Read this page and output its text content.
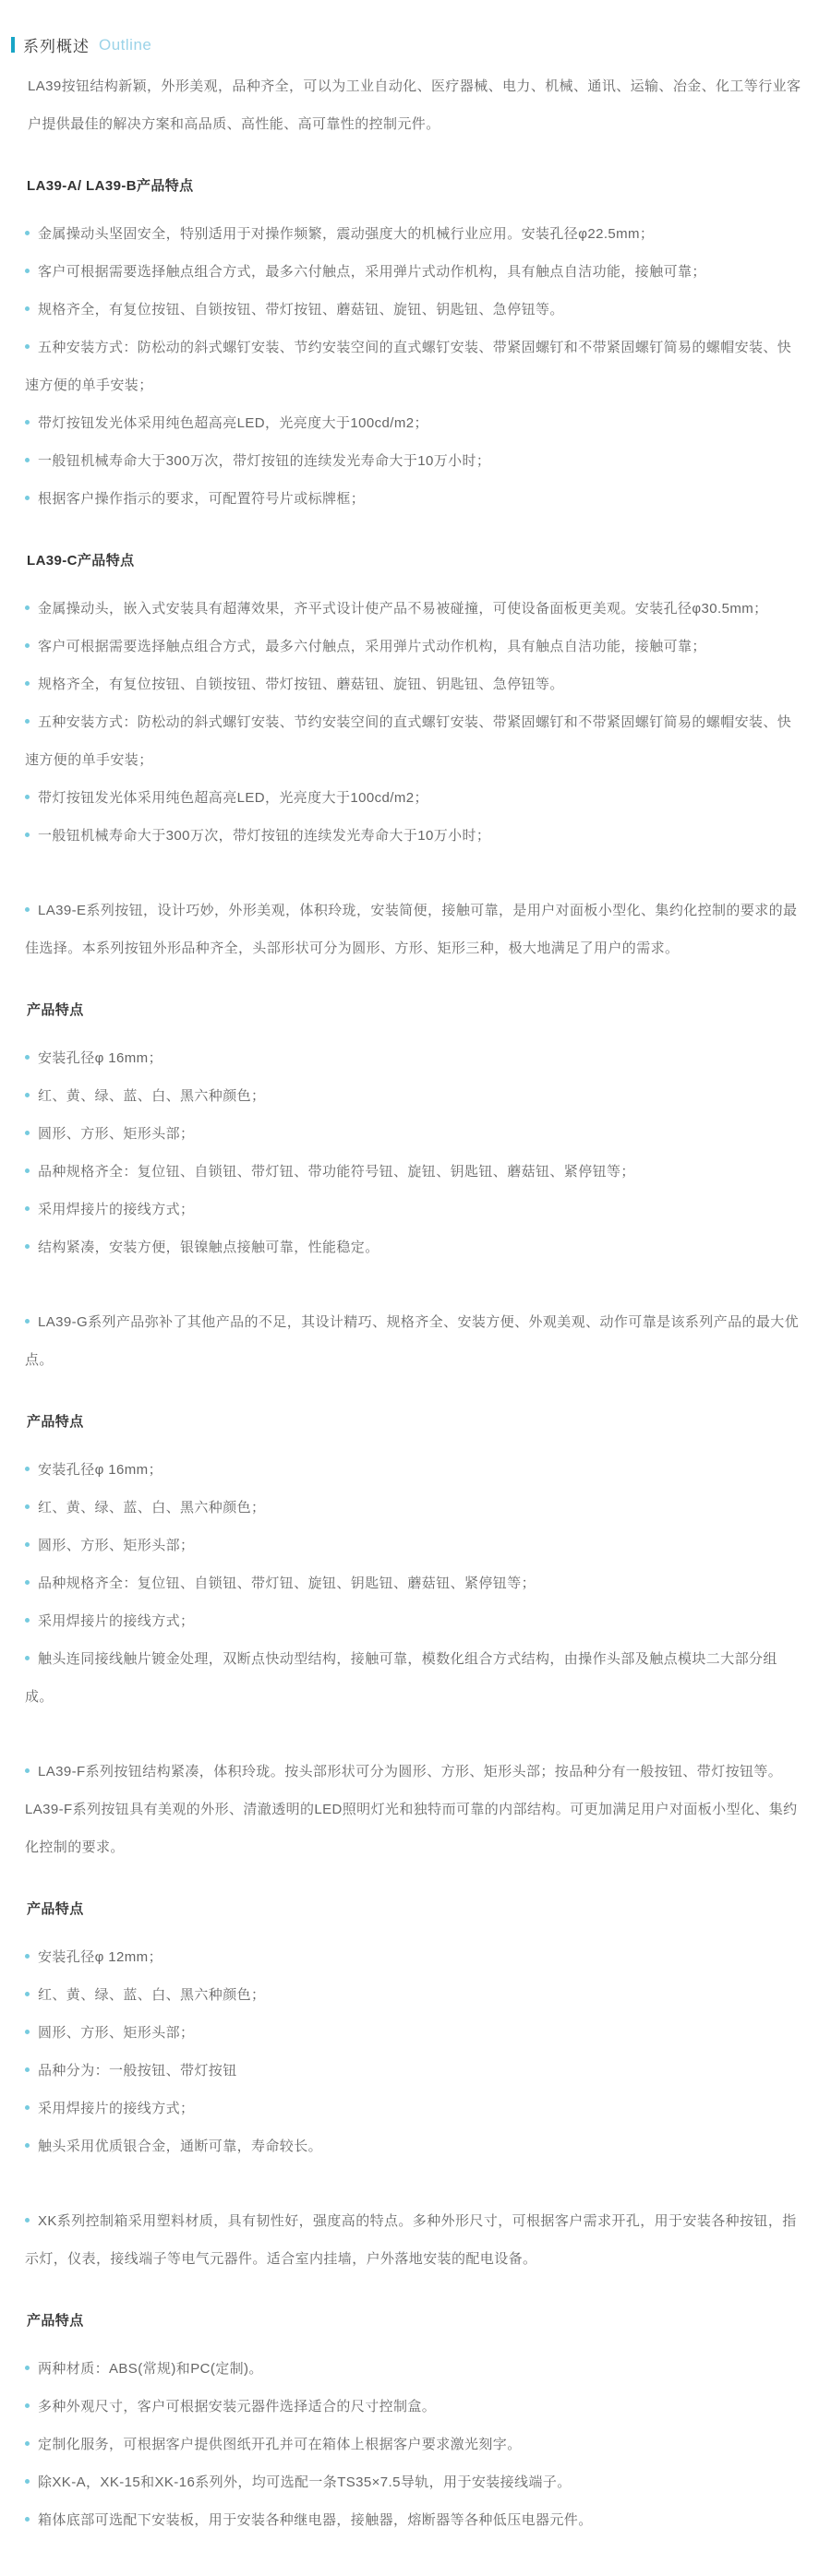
系列概述 Outline

LA39按钮结构新颖，外形美观，品种齐全，可以为工业自动化、医疗器械、电力、机械、通讯、运输、冶金、化工等行业客户提供最佳的解决方案和高品质、高性能、高可靠性的控制元件。

LA39-A/ LA39-B产品特点

金属操动头坚固安全，特别适用于对操作频繁，震动强度大的机械行业应用。安装孔径φ22.5mm；

客户可根据需要选择触点组合方式，最多六付触点，采用弹片式动作机构，具有触点自洁功能，接触可靠；

规格齐全，有复位按钮、自锁按钮、带灯按钮、蘑菇钮、旋钮、钥匙钮、急停钮等。

五种安装方式：防松动的斜式螺钉安装、节约安装空间的直式螺钉安装、带紧固螺钉和不带紧固螺钉简易的螺帽安装、快速方便的单手安装；

带灯按钮发光体采用纯色超高亮LED，光亮度大于100cd/m2；

一般钮机械寿命大于300万次，带灯按钮的连续发光寿命大于10万小时；

根据客户操作指示的要求，可配置符号片或标牌框；

LA39-C产品特点

金属操动头，嵌入式安装具有超薄效果，齐平式设计使产品不易被碰撞，可使设备面板更美观。安装孔径φ30.5mm；

客户可根据需要选择触点组合方式，最多六付触点，采用弹片式动作机构，具有触点自洁功能，接触可靠；

规格齐全，有复位按钮、自锁按钮、带灯按钮、蘑菇钮、旋钮、钥匙钮、急停钮等。

五种安装方式：防松动的斜式螺钉安装、节约安装空间的直式螺钉安装、带紧固螺钉和不带紧固螺钉简易的螺帽安装、快速方便的单手安装；

带灯按钮发光体采用纯色超高亮LED，光亮度大于100cd/m2；

一般钮机械寿命大于300万次，带灯按钮的连续发光寿命大于10万小时；

LA39-E系列按钮，设计巧妙，外形美观，体积玲珑，安装简便，接触可靠，是用户对面板小型化、集约化控制的要求的最佳选择。本系列按钮外形品种齐全，头部形状可分为圆形、方形、矩形三种，极大地满足了用户的需求。

产品特点

安装孔径φ 16mm；

红、黄、绿、蓝、白、黑六种颜色；

圆形、方形、矩形头部；

品种规格齐全：复位钮、自锁钮、带灯钮、带功能符号钮、旋钮、钥匙钮、蘑菇钮、紧停钮等；

采用焊接片的接线方式；

结构紧凑，安装方便，银镍触点接触可靠，性能稳定。

LA39-G系列产品弥补了其他产品的不足，其设计精巧、规格齐全、安装方便、外观美观、动作可靠是该系列产品的最大优点。

产品特点

安装孔径φ 16mm；

红、黄、绿、蓝、白、黑六种颜色；

圆形、方形、矩形头部；

品种规格齐全：复位钮、自锁钮、带灯钮、旋钮、钥匙钮、蘑菇钮、紧停钮等；

采用焊接片的接线方式；

触头连同接线触片镀金处理，双断点快动型结构，接触可靠，模数化组合方式结构，由操作头部及触点模块二大部分组成。

LA39-F系列按钮结构紧凑，体积玲珑。按头部形状可分为圆形、方形、矩形头部；按品种分有一般按钮、带灯按钮等。LA39-F系列按钮具有美观的外形、清澈透明的LED照明灯光和独特而可靠的内部结构。可更加满足用户对面板小型化、集约化控制的要求。

产品特点

安装孔径φ 12mm；

红、黄、绿、蓝、白、黑六种颜色；

圆形、方形、矩形头部；

品种分为：一般按钮、带灯按钮

采用焊接片的接线方式；

触头采用优质银合金，通断可靠，寿命较长。

XK系列控制箱采用塑料材质，具有韧性好，强度高的特点。多种外形尺寸，可根据客户需求开孔，用于安装各种按钮，指示灯，仪表，接线端子等电气元器件。适合室内挂墙，户外落地安装的配电设备。

产品特点

两种材质：ABS(常规)和PC(定制)。

多种外观尺寸，客户可根据安装元器件选择适合的尺寸控制盒。

定制化服务，可根据客户提供图纸开孔并可在箱体上根据客户要求激光刻字。

除XK-A，XK-15和XK-16系列外，均可选配一条TS35×7.5导轨，用于安装接线端子。

箱体底部可选配下安装板，用于安装各种继电器，接触器，熔断器等各种低压电器元件。
